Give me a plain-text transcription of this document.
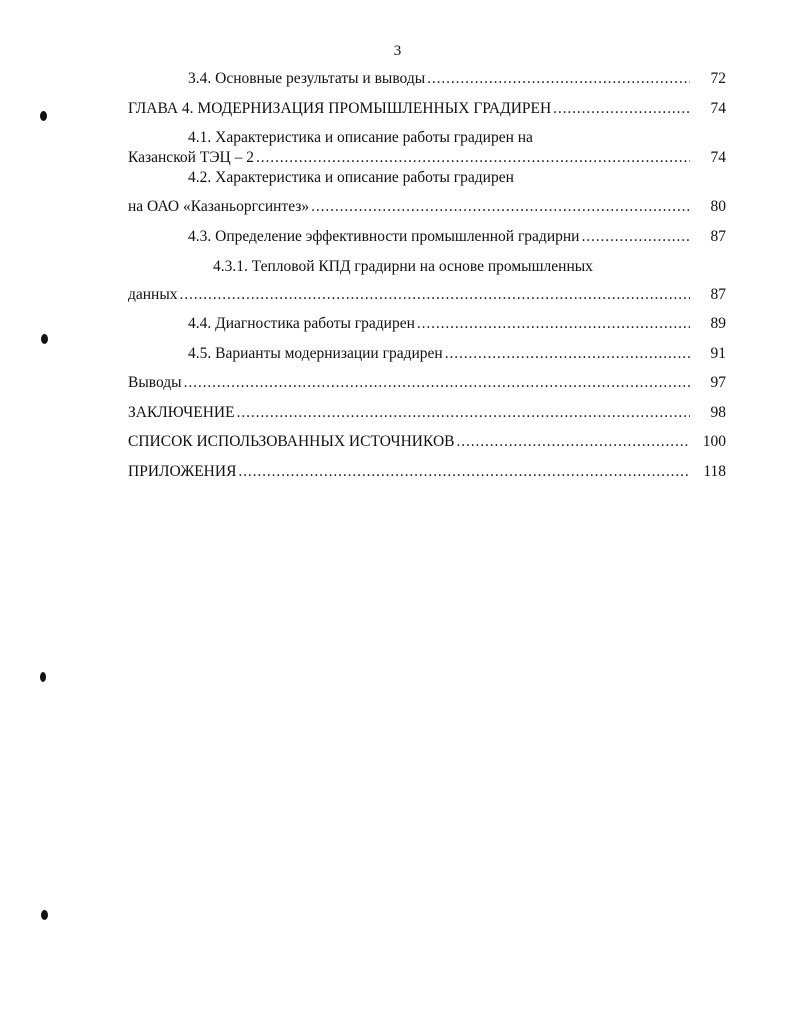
3
3.4. Основные результаты и выводы . . .	72
ГЛАВА 4. МОДЕРНИЗАЦИЯ ПРОМЫШЛЕННЫХ ГРАДИРЕН . . .	74
4.1. Характеристика и описание работы градирен на
Казанской ТЭЦ – 2 . . .	74
4.2. Характеристика и описание работы градирен
на ОАО «Казаньоргсинтез» . . .	80
4.3. Определение эффективности промышленной градирни . . .	87
4.3.1. Тепловой КПД градирни на основе промышленных
данных . . .	87
4.4. Диагностика работы градирен . . .	89
4.5. Варианты модернизации градирен . . .	91
Выводы . . .	97
ЗАКЛЮЧЕНИЕ . . .	98
СПИСОК ИСПОЛЬЗОВАННЫХ ИСТОЧНИКОВ . . .	100
ПРИЛОЖЕНИЯ . . .	118
